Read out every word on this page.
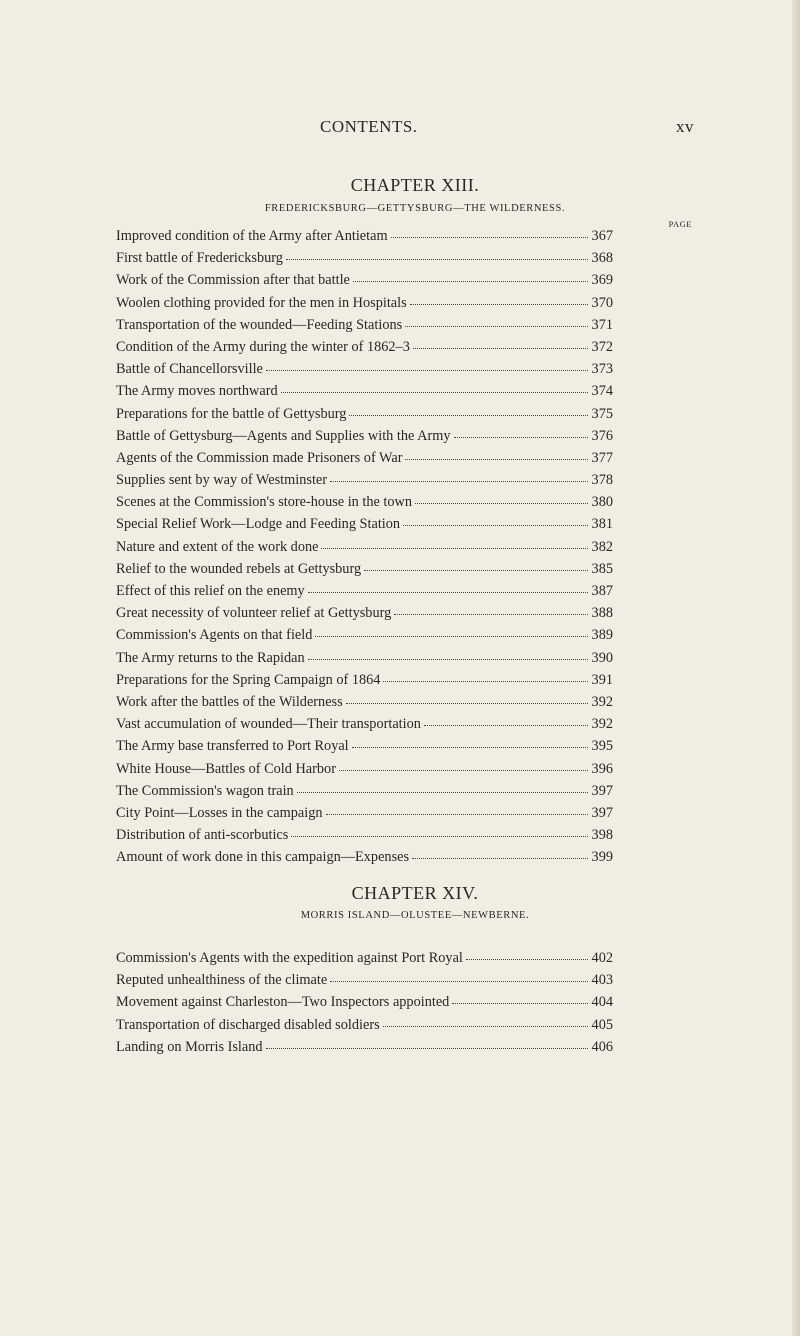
CONTENTS.	xv
CHAPTER XIII.
FREDERICKSBURG—GETTYSBURG—THE WILDERNESS.
PAGE
Improved condition of the Army after Antietam	367
First battle of Fredericksburg	368
Work of the Commission after that battle	369
Woolen clothing provided for the men in Hospitals	370
Transportation of the wounded—Feeding Stations	371
Condition of the Army during the winter of 1862–3	372
Battle of Chancellorsville	373
The Army moves northward	374
Preparations for the battle of Gettysburg	375
Battle of Gettysburg—Agents and Supplies with the Army	376
Agents of the Commission made Prisoners of War	377
Supplies sent by way of Westminster	378
Scenes at the Commission's store-house in the town	380
Special Relief Work—Lodge and Feeding Station	381
Nature and extent of the work done	382
Relief to the wounded rebels at Gettysburg	385
Effect of this relief on the enemy	387
Great necessity of volunteer relief at Gettysburg	388
Commission's Agents on that field	389
The Army returns to the Rapidan	390
Preparations for the Spring Campaign of 1864	391
Work after the battles of the Wilderness	392
Vast accumulation of wounded—Their transportation	392
The Army base transferred to Port Royal	395
White House—Battles of Cold Harbor	396
The Commission's wagon train	397
City Point—Losses in the campaign	397
Distribution of anti-scorbutics	398
Amount of work done in this campaign—Expenses	399
CHAPTER XIV.
MORRIS ISLAND—OLUSTEE—NEWBERNE.
Commission's Agents with the expedition against Port Royal	402
Reputed unhealthiness of the climate	403
Movement against Charleston—Two Inspectors appointed	404
Transportation of discharged disabled soldiers	405
Landing on Morris Island	406
